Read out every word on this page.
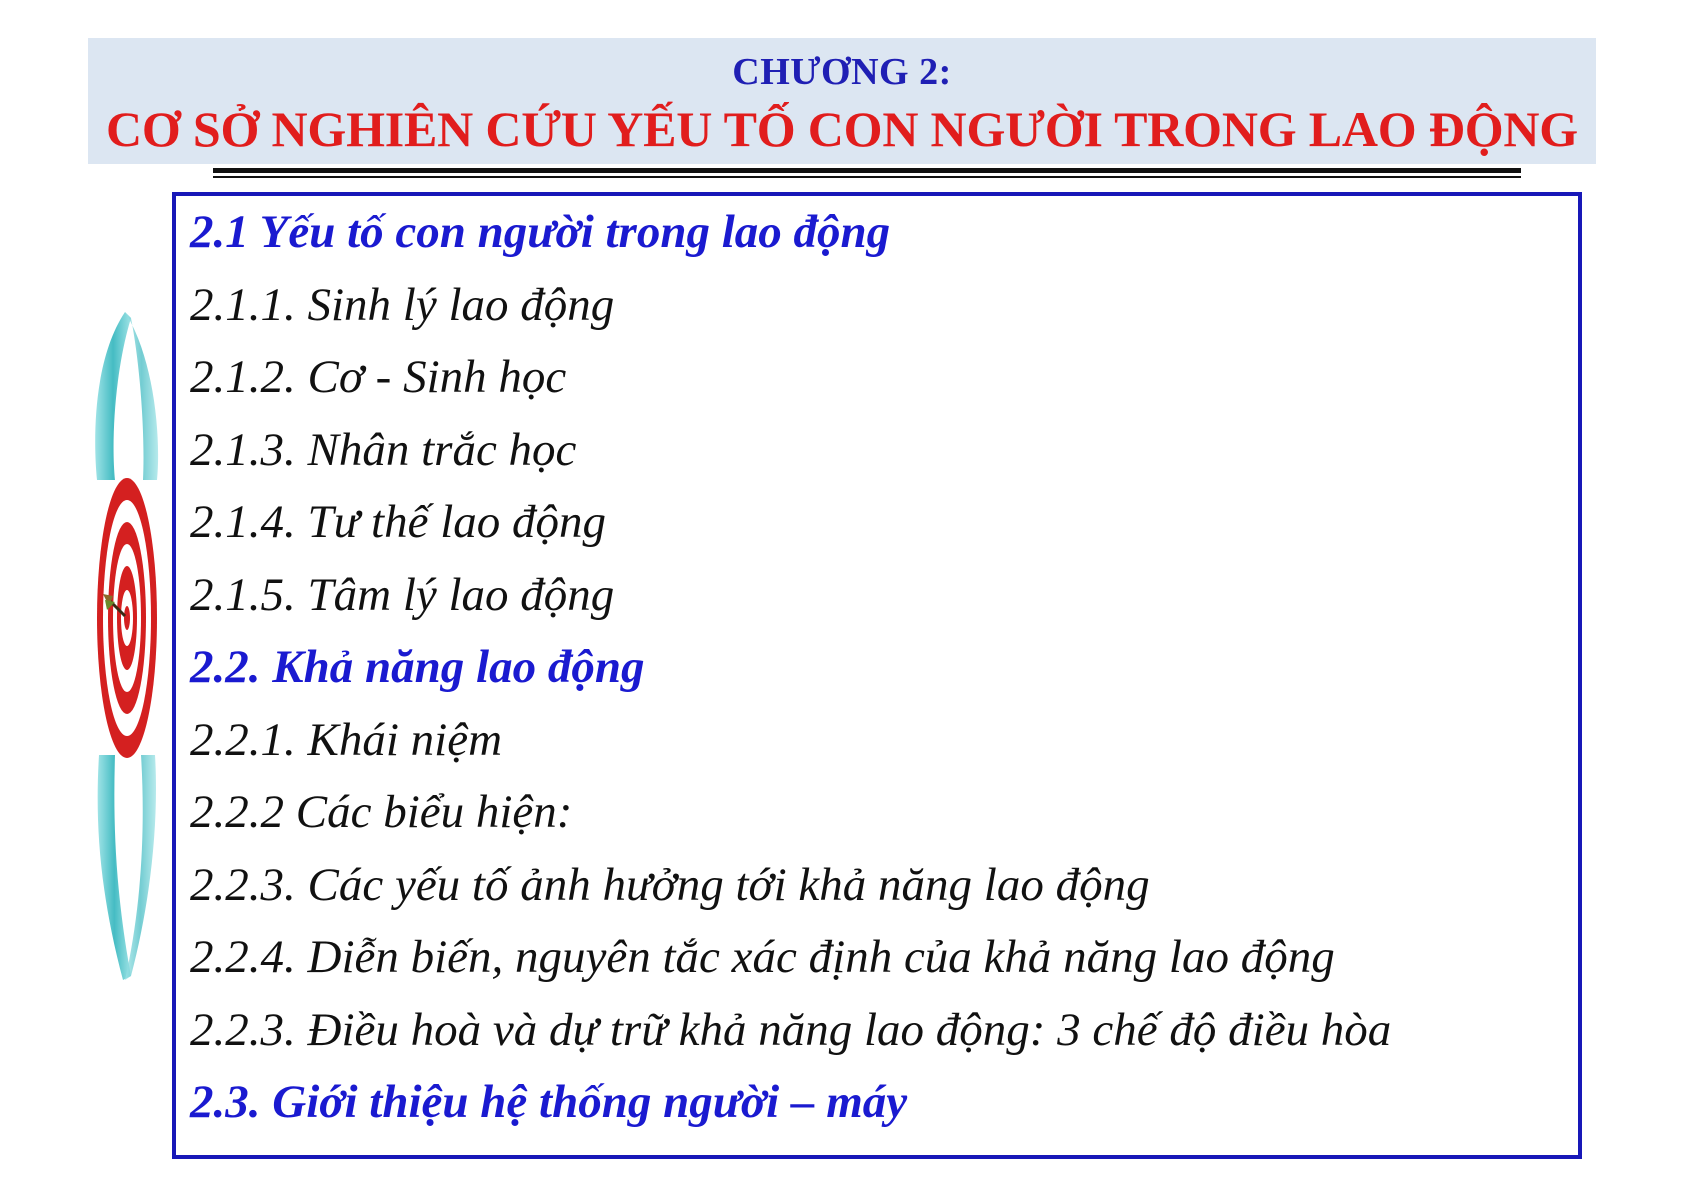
CHƯƠNG 2:
CƠ SỞ NGHIÊN CỨU YẾU TỐ CON NGƯỜI TRONG LAO ĐỘNG
2.1 Yếu tố con người trong lao động
2.1.1. Sinh lý lao động
2.1.2. Cơ - Sinh học
2.1.3. Nhân trắc học
2.1.4. Tư thế lao động
2.1.5. Tâm lý lao động
2.2. Khả năng lao động
2.2.1. Khái niệm
2.2.2 Các biểu hiện:
2.2.3. Các yếu tố ảnh hưởng tới khả năng lao động
2.2.4. Diễn biến, nguyên tắc xác định của khả năng lao động
2.2.3. Điều hoà và dự trữ khả năng lao động: 3 chế độ điều hòa
2.3. Giới thiệu hệ thống người – máy
